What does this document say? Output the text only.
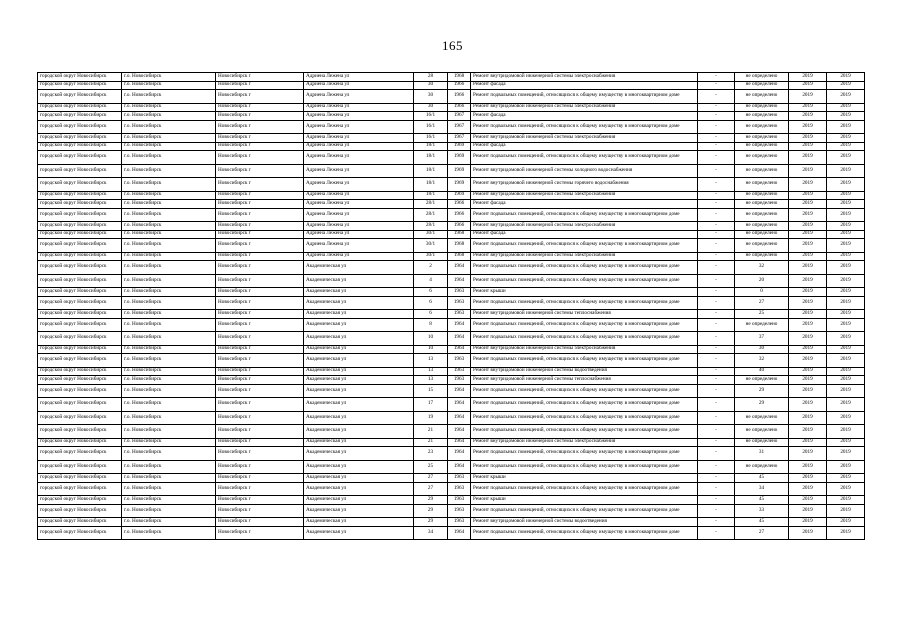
165
городской округ Новосибирск	г.о. Новосибирск	Новосибирск г	Адриена Лежена ул	28	1968	Ремонт внутридомовой инженерной системы электроснабжения	-	не определено	2019	2019
городской округ Новосибирск	г.о. Новосибирск	Новосибирск г	Адриена Лежена ул	30	1966	Ремонт фасада	-	не определено	2019	2019
городской округ Новосибирск	г.о. Новосибирск	Новосибирск г	Адриена Лежена ул	30	1966	Ремонт подвальных помещений, относящихся к общему имуществу в многоквартирном доме	-	не определено	2019	2019
городской округ Новосибирск	г.о. Новосибирск	Новосибирск г	Адриена Лежена ул	30	1966	Ремонт внутридомовой инженерной системы электроснабжения	-	не определено	2019	2019
городской округ Новосибирск	г.о. Новосибирск	Новосибирск г	Адриена Лежена ул	16/1	1967	Ремонт фасада	-	не определено	2019	2019
городской округ Новосибирск	г.о. Новосибирск	Новосибирск г	Адриена Лежена ул	16/1	1967	Ремонт подвальных помещений, относящихся к общему имуществу в многоквартирном доме	-	не определено	2019	2019
городской округ Новосибирск	г.о. Новосибирск	Новосибирск г	Адриена Лежена ул	16/1	1967	Ремонт внутридомовой инженерной системы электроснабжения	-	не определено	2019	2019
городской округ Новосибирск	г.о. Новосибирск	Новосибирск г	Адриена Лежена ул	18/1	1969	Ремонт фасада	-	не определено	2019	2019
городской округ Новосибирск	г.о. Новосибирск	Новосибирск г	Адриена Лежена ул	18/1	1969	Ремонт подвальных помещений, относящихся к общему имуществу в многоквартирном доме	-	не определено	2019	2019
городской округ Новосибирск	г.о. Новосибирск	Новосибирск г	Адриена Лежена ул	18/1	1969	Ремонт внутридомовой инженерной системы холодного водоснабжения	-	не определено	2019	2019
городской округ Новосибирск	г.о. Новосибирск	Новосибирск г	Адриена Лежена ул	18/1	1969	Ремонт внутридомовой инженерной системы горячего водоснабжения	-	не определено	2019	2019
городской округ Новосибирск	г.о. Новосибирск	Новосибирск г	Адриена Лежена ул	18/1	1969	Ремонт внутридомовой инженерной системы электроснабжения	-	не определено	2019	2019
городской округ Новосибирск	г.о. Новосибирск	Новосибирск г	Адриена Лежена ул	28/1	1966	Ремонт фасада	-	не определено	2019	2019
городской округ Новосибирск	г.о. Новосибирск	Новосибирск г	Адриена Лежена ул	28/1	1966	Ремонт подвальных помещений, относящихся к общему имуществу в многоквартирном доме	-	не определено	2019	2019
городской округ Новосибирск	г.о. Новосибирск	Новосибирск г	Адриена Лежена ул	28/1	1966	Ремонт внутридомовой инженерной системы электроснабжения	-	не определено	2019	2019
городской округ Новосибирск	г.о. Новосибирск	Новосибирск г	Адриена Лежена ул	30/1	1968	Ремонт фасада	-	не определено	2019	2019
городской округ Новосибирск	г.о. Новосибирск	Новосибирск г	Адриена Лежена ул	30/1	1968	Ремонт подвальных помещений, относящихся к общему имуществу в многоквартирном доме	-	не определено	2019	2019
городской округ Новосибирск	г.о. Новосибирск	Новосибирск г	Адриена Лежена ул	30/1	1968	Ремонт внутридомовой инженерной системы электроснабжения	-	не определено	2019	2019
городской округ Новосибирск	г.о. Новосибирск	Новосибирск г	Академическая ул	2	1964	Ремонт подвальных помещений, относящихся к общему имуществу в многоквартирном доме	-	32	2019	2019
городской округ Новосибирск	г.о. Новосибирск	Новосибирск г	Академическая ул	4	1964	Ремонт подвальных помещений, относящихся к общему имуществу в многоквартирном доме	-	20	2019	2019
городской округ Новосибирск	г.о. Новосибирск	Новосибирск г	Академическая ул	6	1963	Ремонт крыши	-	0	2019	2019
городской округ Новосибирск	г.о. Новосибирск	Новосибирск г	Академическая ул	6	1963	Ремонт подвальных помещений, относящихся к общему имуществу в многоквартирном доме	-	27	2019	2019
городской округ Новосибирск	г.о. Новосибирск	Новосибирск г	Академическая ул	6	1963	Ремонт внутридомовой инженерной системы теплоснабжения	-	25	2019	2019
городской округ Новосибирск	г.о. Новосибирск	Новосибирск г	Академическая ул	8	1964	Ремонт подвальных помещений, относящихся к общему имуществу в многоквартирном доме	-	не определено	2019	2019
городской округ Новосибирск	г.о. Новосибирск	Новосибирск г	Академическая ул	10	1964	Ремонт подвальных помещений, относящихся к общему имуществу в многоквартирном доме	-	37	2019	2019
городской округ Новосибирск	г.о. Новосибирск	Новосибирск г	Академическая ул	10	1964	Ремонт внутридомовой инженерной системы электроснабжения	-	30	2019	2019
городской округ Новосибирск	г.о. Новосибирск	Новосибирск г	Академическая ул	13	1963	Ремонт подвальных помещений, относящихся к общему имуществу в многоквартирном доме	-	32	2019	2019
городской округ Новосибирск	г.о. Новосибирск	Новосибирск г	Академическая ул	13	1963	Ремонт внутридомовой инженерной системы водоотведения	-	40	2019	2019
городской округ Новосибирск	г.о. Новосибирск	Новосибирск г	Академическая ул	13	1963	Ремонт внутридомовой инженерной системы теплоснабжения	-	не определено	2019	2019
городской округ Новосибирск	г.о. Новосибирск	Новосибирск г	Академическая ул	15	1964	Ремонт подвальных помещений, относящихся к общему имуществу в многоквартирном доме	-	29	2019	2019
городской округ Новосибирск	г.о. Новосибирск	Новосибирск г	Академическая ул	17	1964	Ремонт подвальных помещений, относящихся к общему имуществу в многоквартирном доме	-	29	2019	2019
городской округ Новосибирск	г.о. Новосибирск	Новосибирск г	Академическая ул	19	1964	Ремонт подвальных помещений, относящихся к общему имуществу в многоквартирном доме	-	не определено	2019	2019
городской округ Новосибирск	г.о. Новосибирск	Новосибирск г	Академическая ул	21	1964	Ремонт подвальных помещений, относящихся к общему имуществу в многоквартирном доме	-	не определено	2019	2019
городской округ Новосибирск	г.о. Новосибирск	Новосибирск г	Академическая ул	21	1964	Ремонт внутридомовой инженерной системы электроснабжения	-	не определено	2019	2019
городской округ Новосибирск	г.о. Новосибирск	Новосибирск г	Академическая ул	23	1964	Ремонт подвальных помещений, относящихся к общему имуществу в многоквартирном доме	-	31	2019	2019
городской округ Новосибирск	г.о. Новосибирск	Новосибирск г	Академическая ул	25	1964	Ремонт подвальных помещений, относящихся к общему имуществу в многоквартирном доме	-	не определено	2019	2019
городской округ Новосибирск	г.о. Новосибирск	Новосибирск г	Академическая ул	27	1963	Ремонт крыши	-	45	2019	2019
городской округ Новосибирск	г.о. Новосибирск	Новосибирск г	Академическая ул	27	1963	Ремонт подвальных помещений, относящихся к общему имуществу в многоквартирном доме	-	34	2019	2019
городской округ Новосибирск	г.о. Новосибирск	Новосибирск г	Академическая ул	29	1963	Ремонт крыши	-	45	2019	2019
городской округ Новосибирск	г.о. Новосибирск	Новосибирск г	Академическая ул	29	1963	Ремонт подвальных помещений, относящихся к общему имуществу в многоквартирном доме	-	33	2019	2019
городской округ Новосибирск	г.о. Новосибирск	Новосибирск г	Академическая ул	29	1963	Ремонт внутридомовой инженерной системы водоотведения	-	45	2019	2019
городской округ Новосибирск	г.о. Новосибирск	Новосибирск г	Академическая ул	34	1964	Ремонт подвальных помещений, относящихся к общему имуществу в многоквартирном доме	-	27	2019	2019
